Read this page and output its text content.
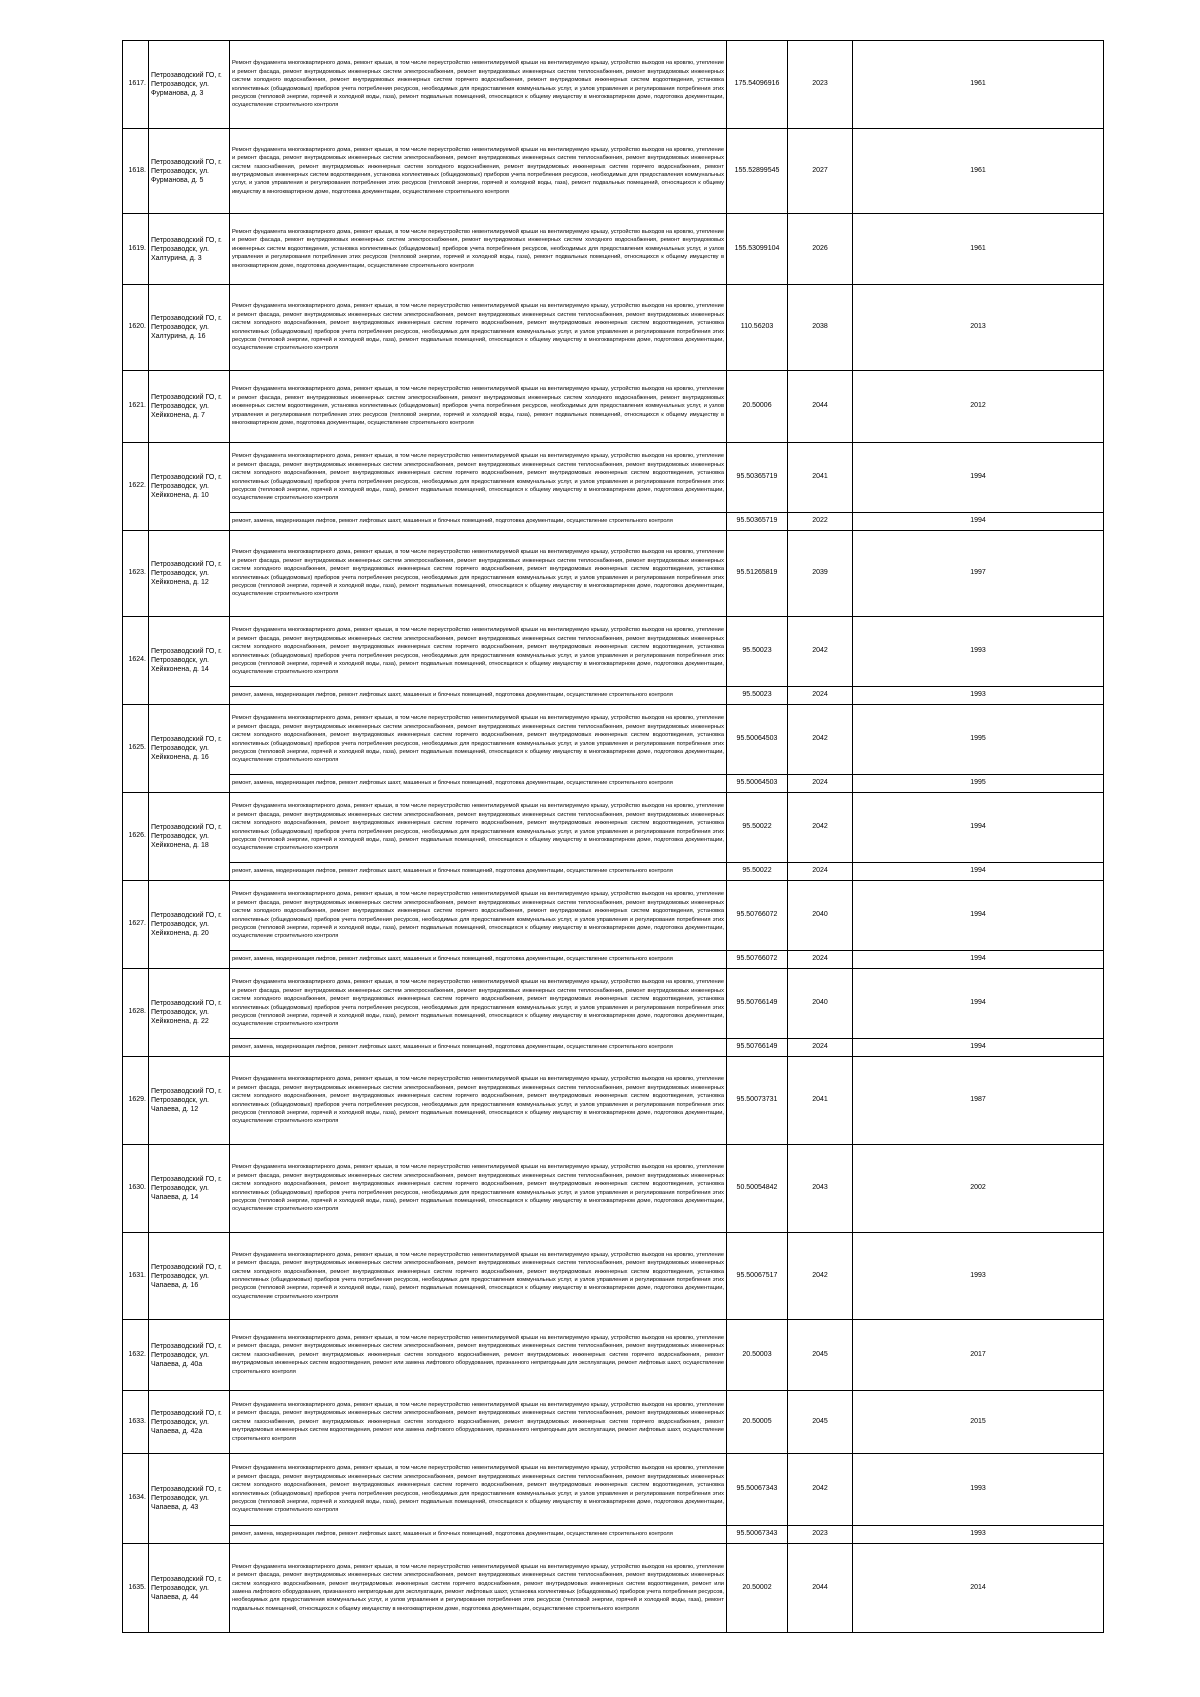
1617.	Петрозаводский ГО, г. Петрозаводск, ул. Фурманова, д. 3	Ремонт фундамента многоквартирного дома, ремонт крыши, в том числе переустройство невентилируемой крыши на вентилируемую крышу, устройство выходов на кровлю, утепление и ремонт фасада, ремонт внутридомовых инженерных систем электроснабжения, ремонт внутридомовых инженерных систем теплоснабжения, ремонт внутридомовых инженерных систем холодного водоснабжения, ремонт внутридомовых инженерных систем горячего водоснабжения, ремонт внутридомовых инженерных систем водоотведения, установка коллективных (общедомовых) приборов учета потребления ресурсов, необходимых для предоставления коммунальных услуг, и узлов управления и регулирования потребления этих ресурсов (тепловой энергии, горячей и холодной воды, газа), ремонт подвальных помещений, относящихся к общему имуществу в многоквартирном доме, подготовка документации, осуществление строительного контроля	175.54096916	2023	1961
1618.	Петрозаводский ГО, г. Петрозаводск, ул. Фурманова, д. 5	Ремонт фундамента многоквартирного дома, ремонт крыши, в том числе переустройство невентилируемой крыши на вентилируемую крышу, устройство выходов на кровлю, утепление и ремонт фасада, ремонт внутридомовых инженерных систем электроснабжения, ремонт внутридомовых инженерных систем теплоснабжения, ремонт внутридомовых инженерных систем газоснабжения, ремонт внутридомовых инженерных систем холодного водоснабжения, ремонт внутридомовых инженерных систем горячего водоснабжения, ремонт внутридомовых инженерных систем водоотведения, установка коллективных (общедомовых) приборов учета потребления ресурсов, необходимых для предоставления коммунальных услуг, и узлов управления и регулирования потребления этих ресурсов (тепловой энергии, горячей и холодной воды, газа), ремонт подвальных помещений, относящихся к общему имуществу в многоквартирном доме, подготовка документации, осуществление строительного контроля	155.52899545	2027	1961
1619.	Петрозаводский ГО, г. Петрозаводск, ул. Халтурина, д. 3	Ремонт фундамента многоквартирного дома, ремонт крыши, в том числе переустройство невентилируемой крыши на вентилируемую крышу, устройство выходов на кровлю, утепление и ремонт фасада, ремонт внутридомовых инженерных систем электроснабжения, ремонт внутридомовых инженерных систем холодного водоснабжения, ремонт внутридомовых инженерных систем водоотведения, установка коллективных (общедомовых) приборов учета потребления ресурсов, необходимых для предоставления коммунальных услуг, и узлов управления и регулирования потребления этих ресурсов (тепловой энергии, горячей и холодной воды, газа), ремонт подвальных помещений, относящихся к общему имуществу в многоквартирном доме, подготовка документации, осуществление строительного контроля	155.53099104	2026	1961
1620.	Петрозаводский ГО, г. Петрозаводск, ул. Халтурина, д. 16	Ремонт фундамента многоквартирного дома, ремонт крыши, в том числе переустройство невентилируемой крыши на вентилируемую крышу, устройство выходов на кровлю, утепление и ремонт фасада, ремонт внутридомовых инженерных систем электроснабжения, ремонт внутридомовых инженерных систем теплоснабжения, ремонт внутридомовых инженерных систем холодного водоснабжения, ремонт внутридомовых инженерных систем горячего водоснабжения, ремонт внутридомовых инженерных систем водоотведения, установка коллективных (общедомовых) приборов учета потребления ресурсов, необходимых для предоставления коммунальных услуг, и узлов управления и регулирования потребления этих ресурсов (тепловой энергии, горячей и холодной воды, газа), ремонт подвальных помещений, относящихся к общему имуществу в многоквартирном доме, подготовка документации, осуществление строительного контроля	110.56203	2038	2013
1621.	Петрозаводский ГО, г. Петрозаводск, ул. Хейкконена, д. 7	Ремонт фундамента многоквартирного дома, ремонт крыши, в том числе переустройство невентилируемой крыши на вентилируемую крышу, устройство выходов на кровлю, утепление и ремонт фасада, ремонт внутридомовых инженерных систем электроснабжения, ремонт внутридомовых инженерных систем холодного водоснабжения, ремонт внутридомовых инженерных систем водоотведения, установка коллективных (общедомовых) приборов учета потребления ресурсов, необходимых для предоставления коммунальных услуг, и узлов управления и регулирования потребления этих ресурсов (тепловой энергии, горячей и холодной воды, газа), ремонт подвальных помещений, относящихся к общему имуществу в многоквартирном доме, подготовка документации, осуществление строительного контроля	20.50006	2044	2012
1622.	Петрозаводский ГО, г. Петрозаводск, ул. Хейкконена, д. 10	Ремонт фундамента многоквартирного дома, ремонт крыши, в том числе переустройство невентилируемой крыши на вентилируемую крышу, устройство выходов на кровлю, утепление и ремонт фасада, ремонт внутридомовых инженерных систем электроснабжения, ремонт внутридомовых инженерных систем теплоснабжения, ремонт внутридомовых инженерных систем холодного водоснабжения, ремонт внутридомовых инженерных систем горячего водоснабжения, ремонт внутридомовых инженерных систем водоотведения, установка коллективных (общедомовых) приборов учета потребления ресурсов, необходимых для предоставления коммунальных услуг, и узлов управления и регулирования потребления этих ресурсов (тепловой энергии, горячей и холодной воды, газа), ремонт подвальных помещений, относящихся к общему имуществу в многоквартирном доме, подготовка документации, осуществление строительного контроля	95.50365719	2041	1994
		ремонт, замена, модернизация лифтов, ремонт лифтовых шахт, машинных и блочных помещений, подготовка документации, осуществление строительного контроля	95.50365719	2022	1994
1623.	Петрозаводский ГО, г. Петрозаводск, ул. Хейкконена, д. 12	Ремонт фундамента многоквартирного дома, ремонт крыши, в том числе переустройство невентилируемой крыши на вентилируемую крышу, устройство выходов на кровлю, утепление и ремонт фасада, ремонт внутридомовых инженерных систем электроснабжения, ремонт внутридомовых инженерных систем теплоснабжения, ремонт внутридомовых инженерных систем холодного водоснабжения, ремонт внутридомовых инженерных систем горячего водоснабжения, ремонт внутридомовых инженерных систем водоотведения, установка коллективных (общедомовых) приборов учета потребления ресурсов, необходимых для предоставления коммунальных услуг, и узлов управления и регулирования потребления этих ресурсов (тепловой энергии, горячей и холодной воды, газа), ремонт подвальных помещений, относящихся к общему имуществу в многоквартирном доме, подготовка документации, осуществление строительного контроля	95.51265819	2039	1997
1624.	Петрозаводский ГО, г. Петрозаводск, ул. Хейкконена, д. 14	Ремонт фундамента многоквартирного дома, ремонт крыши, в том числе переустройство невентилируемой крыши на вентилируемую крышу, устройство выходов на кровлю, утепление и ремонт фасада, ремонт внутридомовых инженерных систем электроснабжения, ремонт внутридомовых инженерных систем теплоснабжения, ремонт внутридомовых инженерных систем холодного водоснабжения, ремонт внутридомовых инженерных систем горячего водоснабжения, ремонт внутридомовых инженерных систем водоотведения, установка коллективных (общедомовых) приборов учета потребления ресурсов, необходимых для предоставления коммунальных услуг, и узлов управления и регулирования потребления этих ресурсов (тепловой энергии, горячей и холодной воды, газа), ремонт подвальных помещений, относящихся к общему имуществу в многоквартирном доме, подготовка документации, осуществление строительного контроля	95.50023	2042	1993
		ремонт, замена, модернизация лифтов, ремонт лифтовых шахт, машинных и блочных помещений, подготовка документации, осуществление строительного контроля	95.50023	2024	1993
1625.	Петрозаводский ГО, г. Петрозаводск, ул. Хейкконена, д. 16	Ремонт фундамента многоквартирного дома, ремонт крыши, в том числе переустройство невентилируемой крыши на вентилируемую крышу, устройство выходов на кровлю, утепление и ремонт фасада, ремонт внутридомовых инженерных систем электроснабжения, ремонт внутридомовых инженерных систем теплоснабжения, ремонт внутридомовых инженерных систем холодного водоснабжения, ремонт внутридомовых инженерных систем горячего водоснабжения, ремонт внутридомовых инженерных систем водоотведения, установка коллективных (общедомовых) приборов учета потребления ресурсов, необходимых для предоставления коммунальных услуг, и узлов управления и регулирования потребления этих ресурсов (тепловой энергии, горячей и холодной воды, газа), ремонт подвальных помещений, относящихся к общему имуществу в многоквартирном доме, подготовка документации, осуществление строительного контроля	95.50064503	2042	1995
		ремонт, замена, модернизация лифтов, ремонт лифтовых шахт, машинных и блочных помещений, подготовка документации, осуществление строительного контроля	95.50064503	2024	1995
1626.	Петрозаводский ГО, г. Петрозаводск, ул. Хейкконена, д. 18	Ремонт фундамента многоквартирного дома, ремонт крыши, в том числе переустройство невентилируемой крыши на вентилируемую крышу, устройство выходов на кровлю, утепление и ремонт фасада, ремонт внутридомовых инженерных систем электроснабжения, ремонт внутридомовых инженерных систем теплоснабжения, ремонт внутридомовых инженерных систем холодного водоснабжения, ремонт внутридомовых инженерных систем горячего водоснабжения, ремонт внутридомовых инженерных систем водоотведения, установка коллективных (общедомовых) приборов учета потребления ресурсов, необходимых для предоставления коммунальных услуг, и узлов управления и регулирования потребления этих ресурсов (тепловой энергии, горячей и холодной воды, газа), ремонт подвальных помещений, относящихся к общему имуществу в многоквартирном доме, подготовка документации, осуществление строительного контроля	95.50022	2042	1994
		ремонт, замена, модернизация лифтов, ремонт лифтовых шахт, машинных и блочных помещений, подготовка документации, осуществление строительного контроля	95.50022	2024	1994
1627.	Петрозаводский ГО, г. Петрозаводск, ул. Хейкконена, д. 20	Ремонт фундамента многоквартирного дома, ремонт крыши, в том числе переустройство невентилируемой крыши на вентилируемую крышу, устройство выходов на кровлю, утепление и ремонт фасада, ремонт внутридомовых инженерных систем электроснабжения, ремонт внутридомовых инженерных систем теплоснабжения, ремонт внутридомовых инженерных систем холодного водоснабжения, ремонт внутридомовых инженерных систем горячего водоснабжения, ремонт внутридомовых инженерных систем водоотведения, установка коллективных (общедомовых) приборов учета потребления ресурсов, необходимых для предоставления коммунальных услуг, и узлов управления и регулирования потребления этих ресурсов (тепловой энергии, горячей и холодной воды, газа), ремонт подвальных помещений, относящихся к общему имуществу в многоквартирном доме, подготовка документации, осуществление строительного контроля	95.50766072	2040	1994
		ремонт, замена, модернизация лифтов, ремонт лифтовых шахт, машинных и блочных помещений, подготовка документации, осуществление строительного контроля	95.50766072	2024	1994
1628.	Петрозаводский ГО, г. Петрозаводск, ул. Хейкконена, д. 22	Ремонт фундамента многоквартирного дома, ремонт крыши, в том числе переустройство невентилируемой крыши на вентилируемую крышу, устройство выходов на кровлю, утепление и ремонт фасада, ремонт внутридомовых инженерных систем электроснабжения, ремонт внутридомовых инженерных систем теплоснабжения, ремонт внутридомовых инженерных систем холодного водоснабжения, ремонт внутридомовых инженерных систем горячего водоснабжения, ремонт внутридомовых инженерных систем водоотведения, установка коллективных (общедомовых) приборов учета потребления ресурсов, необходимых для предоставления коммунальных услуг, и узлов управления и регулирования потребления этих ресурсов (тепловой энергии, горячей и холодной воды, газа), ремонт подвальных помещений, относящихся к общему имуществу в многоквартирном доме, подготовка документации, осуществление строительного контроля	95.50766149	2040	1994
		ремонт, замена, модернизация лифтов, ремонт лифтовых шахт, машинных и блочных помещений, подготовка документации, осуществление строительного контроля	95.50766149	2024	1994
1629.	Петрозаводский ГО, г. Петрозаводск, ул. Чапаева, д. 12	Ремонт фундамента многоквартирного дома, ремонт крыши, в том числе переустройство невентилируемой крыши на вентилируемую крышу, устройство выходов на кровлю, утепление и ремонт фасада, ремонт внутридомовых инженерных систем электроснабжения, ремонт внутридомовых инженерных систем теплоснабжения, ремонт внутридомовых инженерных систем холодного водоснабжения, ремонт внутридомовых инженерных систем горячего водоснабжения, ремонт внутридомовых инженерных систем водоотведения, установка коллективных (общедомовых) приборов учета потребления ресурсов, необходимых для предоставления коммунальных услуг, и узлов управления и регулирования потребления этих ресурсов (тепловой энергии, горячей и холодной воды, газа), ремонт подвальных помещений, относящихся к общему имуществу в многоквартирном доме, подготовка документации, осуществление строительного контроля	95.50073731	2041	1987
1630.	Петрозаводский ГО, г. Петрозаводск, ул. Чапаева, д. 14	Ремонт фундамента многоквартирного дома, ремонт крыши, в том числе переустройство невентилируемой крыши на вентилируемую крышу, устройство выходов на кровлю, утепление и ремонт фасада, ремонт внутридомовых инженерных систем электроснабжения, ремонт внутридомовых инженерных систем теплоснабжения, ремонт внутридомовых инженерных систем холодного водоснабжения, ремонт внутридомовых инженерных систем горячего водоснабжения, ремонт внутридомовых инженерных систем водоотведения, установка коллективных (общедомовых) приборов учета потребления ресурсов, необходимых для предоставления коммунальных услуг, и узлов управления и регулирования потребления этих ресурсов (тепловой энергии, горячей и холодной воды, газа), ремонт подвальных помещений, относящихся к общему имуществу в многоквартирном доме, подготовка документации, осуществление строительного контроля	50.50054842	2043	2002
1631.	Петрозаводский ГО, г. Петрозаводск, ул. Чапаева, д. 16	Ремонт фундамента многоквартирного дома, ремонт крыши, в том числе переустройство невентилируемой крыши на вентилируемую крышу, устройство выходов на кровлю, утепление и ремонт фасада, ремонт внутридомовых инженерных систем электроснабжения, ремонт внутридомовых инженерных систем теплоснабжения, ремонт внутридомовых инженерных систем холодного водоснабжения, ремонт внутридомовых инженерных систем горячего водоснабжения, ремонт внутридомовых инженерных систем водоотведения, установка коллективных (общедомовых) приборов учета потребления ресурсов, необходимых для предоставления коммунальных услуг, и узлов управления и регулирования потребления этих ресурсов (тепловой энергии, горячей и холодной воды, газа), ремонт подвальных помещений, относящихся к общему имуществу в многоквартирном доме, подготовка документации, осуществление строительного контроля	95.50067517	2042	1993
1632.	Петрозаводский ГО, г. Петрозаводск, ул. Чапаева, д. 40а	Ремонт фундамента многоквартирного дома, ремонт крыши, в том числе переустройство невентилируемой крыши на вентилируемую крышу, устройство выходов на кровлю, утепление и ремонт фасада, ремонт внутридомовых инженерных систем электроснабжения, ремонт внутридомовых инженерных систем теплоснабжения, ремонт внутридомовых инженерных систем газоснабжения, ремонт внутридомовых инженерных систем холодного водоснабжения, ремонт внутридомовых инженерных систем горячего водоснабжения, ремонт внутридомовых инженерных систем водоотведения, ремонт или замена лифтового оборудования, признанного непригодным для эксплуатации, ремонт лифтовых шахт, осуществление строительного контроля	20.50003	2045	2017
1633.	Петрозаводский ГО, г. Петрозаводск, ул. Чапаева, д. 42а	Ремонт фундамента многоквартирного дома, ремонт крыши, в том числе переустройство невентилируемой крыши на вентилируемую крышу, устройство выходов на кровлю, утепление и ремонт фасада, ремонт внутридомовых инженерных систем электроснабжения, ремонт внутридомовых инженерных систем теплоснабжения, ремонт внутридомовых инженерных систем газоснабжения, ремонт внутридомовых инженерных систем холодного водоснабжения, ремонт внутридомовых инженерных систем горячего водоснабжения, ремонт внутридомовых инженерных систем водоотведения, ремонт или замена лифтового оборудования, признанного непригодным для эксплуатации, ремонт лифтовых шахт, осуществление строительного контроля	20.50005	2045	2015
1634.	Петрозаводский ГО, г. Петрозаводск, ул. Чапаева, д. 43	Ремонт фундамента многоквартирного дома, ремонт крыши, в том числе переустройство невентилируемой крыши на вентилируемую крышу, устройство выходов на кровлю, утепление и ремонт фасада, ремонт внутридомовых инженерных систем электроснабжения, ремонт внутридомовых инженерных систем теплоснабжения, ремонт внутридомовых инженерных систем холодного водоснабжения, ремонт внутридомовых инженерных систем горячего водоснабжения, ремонт внутридомовых инженерных систем водоотведения, установка коллективных (общедомовых) приборов учета потребления ресурсов, необходимых для предоставления коммунальных услуг, и узлов управления и регулирования потребления этих ресурсов (тепловой энергии, горячей и холодной воды, газа), ремонт подвальных помещений, относящихся к общему имуществу в многоквартирном доме, подготовка документации, осуществление строительного контроля	95.50067343	2042	1993
		ремонт, замена, модернизация лифтов, ремонт лифтовых шахт, машинных и блочных помещений, подготовка документации, осуществление строительного контроля	95.50067343	2023	1993
1635.	Петрозаводский ГО, г. Петрозаводск, ул. Чапаева, д. 44	Ремонт фундамента многоквартирного дома, ремонт крыши, в том числе переустройство невентилируемой крыши на вентилируемую крышу, устройство выходов на кровлю, утепление и ремонт фасада, ремонт внутридомовых инженерных систем электроснабжения, ремонт внутридомовых инженерных систем теплоснабжения, ремонт внутридомовых инженерных систем холодного водоснабжения, ремонт внутридомовых инженерных систем горячего водоснабжения, ремонт внутридомовых инженерных систем водоотведения, ремонт или замена лифтового оборудования, признанного непригодным для эксплуатации, ремонт лифтовых шахт, установка коллективных (общедомовых) приборов учета потребления ресурсов, необходимых для предоставления коммунальных услуг, и узлов управления и регулирования потребления этих ресурсов (тепловой энергии, горячей и холодной воды, газа), ремонт подвальных помещений, относящихся к общему имуществу в многоквартирном доме, подготовка документации, осуществление строительного контроля	20.50002	2044	2014
